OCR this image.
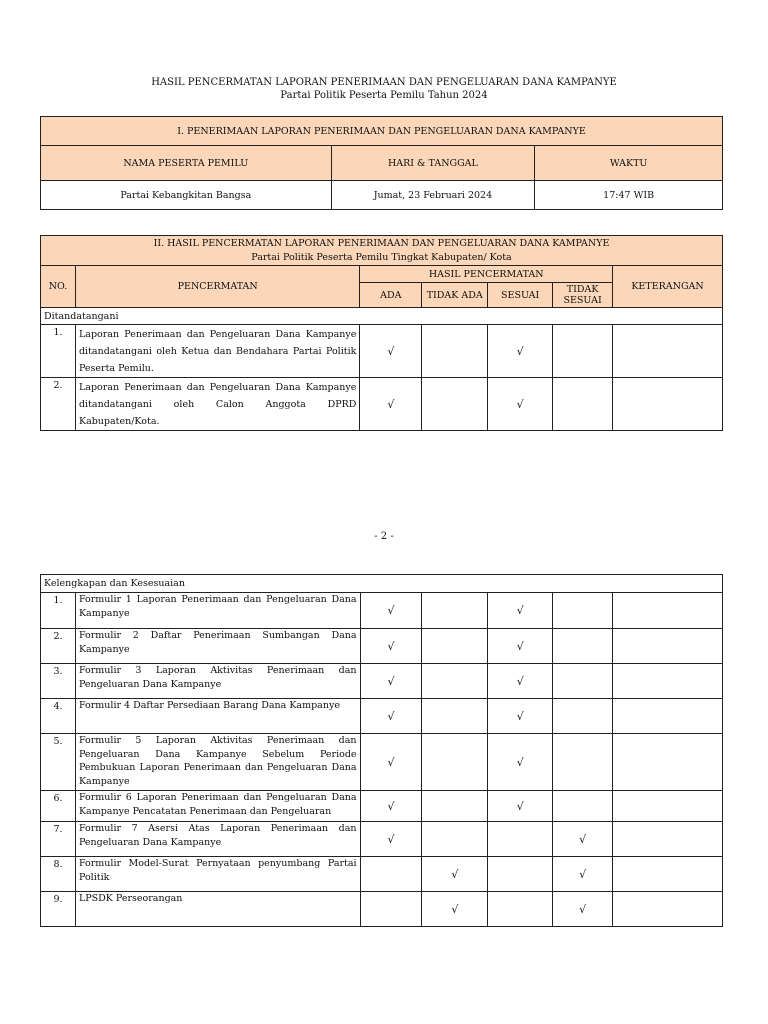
HASIL PENCERMATAN LAPORAN PENERIMAAN DAN PENGELUARAN DANA KAMPANYE
Partai Politik Peserta Pemilu Tahun 2024
I. PENERIMAAN LAPORAN PENERIMAAN DAN PENGELUARAN DANA KAMPANYE		
NAMA PESERTA PEMILU	HARI & TANGGAL	WAKTU
Partai Kebangkitan Bangsa	Jumat, 23 Februari 2024	17:47 WIB
II. HASIL PENCERMATAN LAPORAN PENERIMAAN DAN PENGELUARAN DANA KAMPANYE						
Partai Politik Peserta Pemilu Tingkat Kabupaten/ Kota						
NO.	PENCERMATAN	HASIL PENCERMATAN				KETERANGAN
		ADA	TIDAK ADA	SESUAI	TIDAK
SESUAI	
Ditandatangani						
1.	Laporan Penerimaan dan Pengeluaran Dana Kampanye ditandatangani oleh Ketua dan Bendahara Partai Politik Peserta Pemilu.	√		√		
2.	Laporan Penerimaan dan Pengeluaran Dana Kampanye ditandatangani oleh Calon Anggota DPRD Kabupaten/Kota.	√		√		
- 2 -
Kelengkapan dan Kesesuaian						
1.	Formulir 1 Laporan Penerimaan dan Pengeluaran Dana Kampanye	√		√		
2.	Formulir 2 Daftar Penerimaan Sumbangan Dana Kampanye	√		√		
3.	Formulir 3 Laporan Aktivitas Penerimaan dan Pengeluaran Dana Kampanye	√		√		
4.	Formulir 4 Daftar Persediaan Barang Dana Kampanye	√		√		
5.	Formulir 5 Laporan Aktivitas Penerimaan dan Pengeluaran Dana Kampanye Sebelum Periode Pembukuan Laporan Penerimaan dan Pengeluaran Dana Kampanye	√		√		
6.	Formulir 6 Laporan Penerimaan dan Pengeluaran Dana Kampanye Pencatatan Penerimaan dan Pengeluaran	√		√		
7.	Formulir 7 Asersi Atas Laporan Penerimaan dan Pengeluaran Dana Kampanye	√			√	
8.	Formulir Model-Surat Pernyataan penyumbang Partai Politik		√		√	
9.	LPSDK Perseorangan		√		√	
